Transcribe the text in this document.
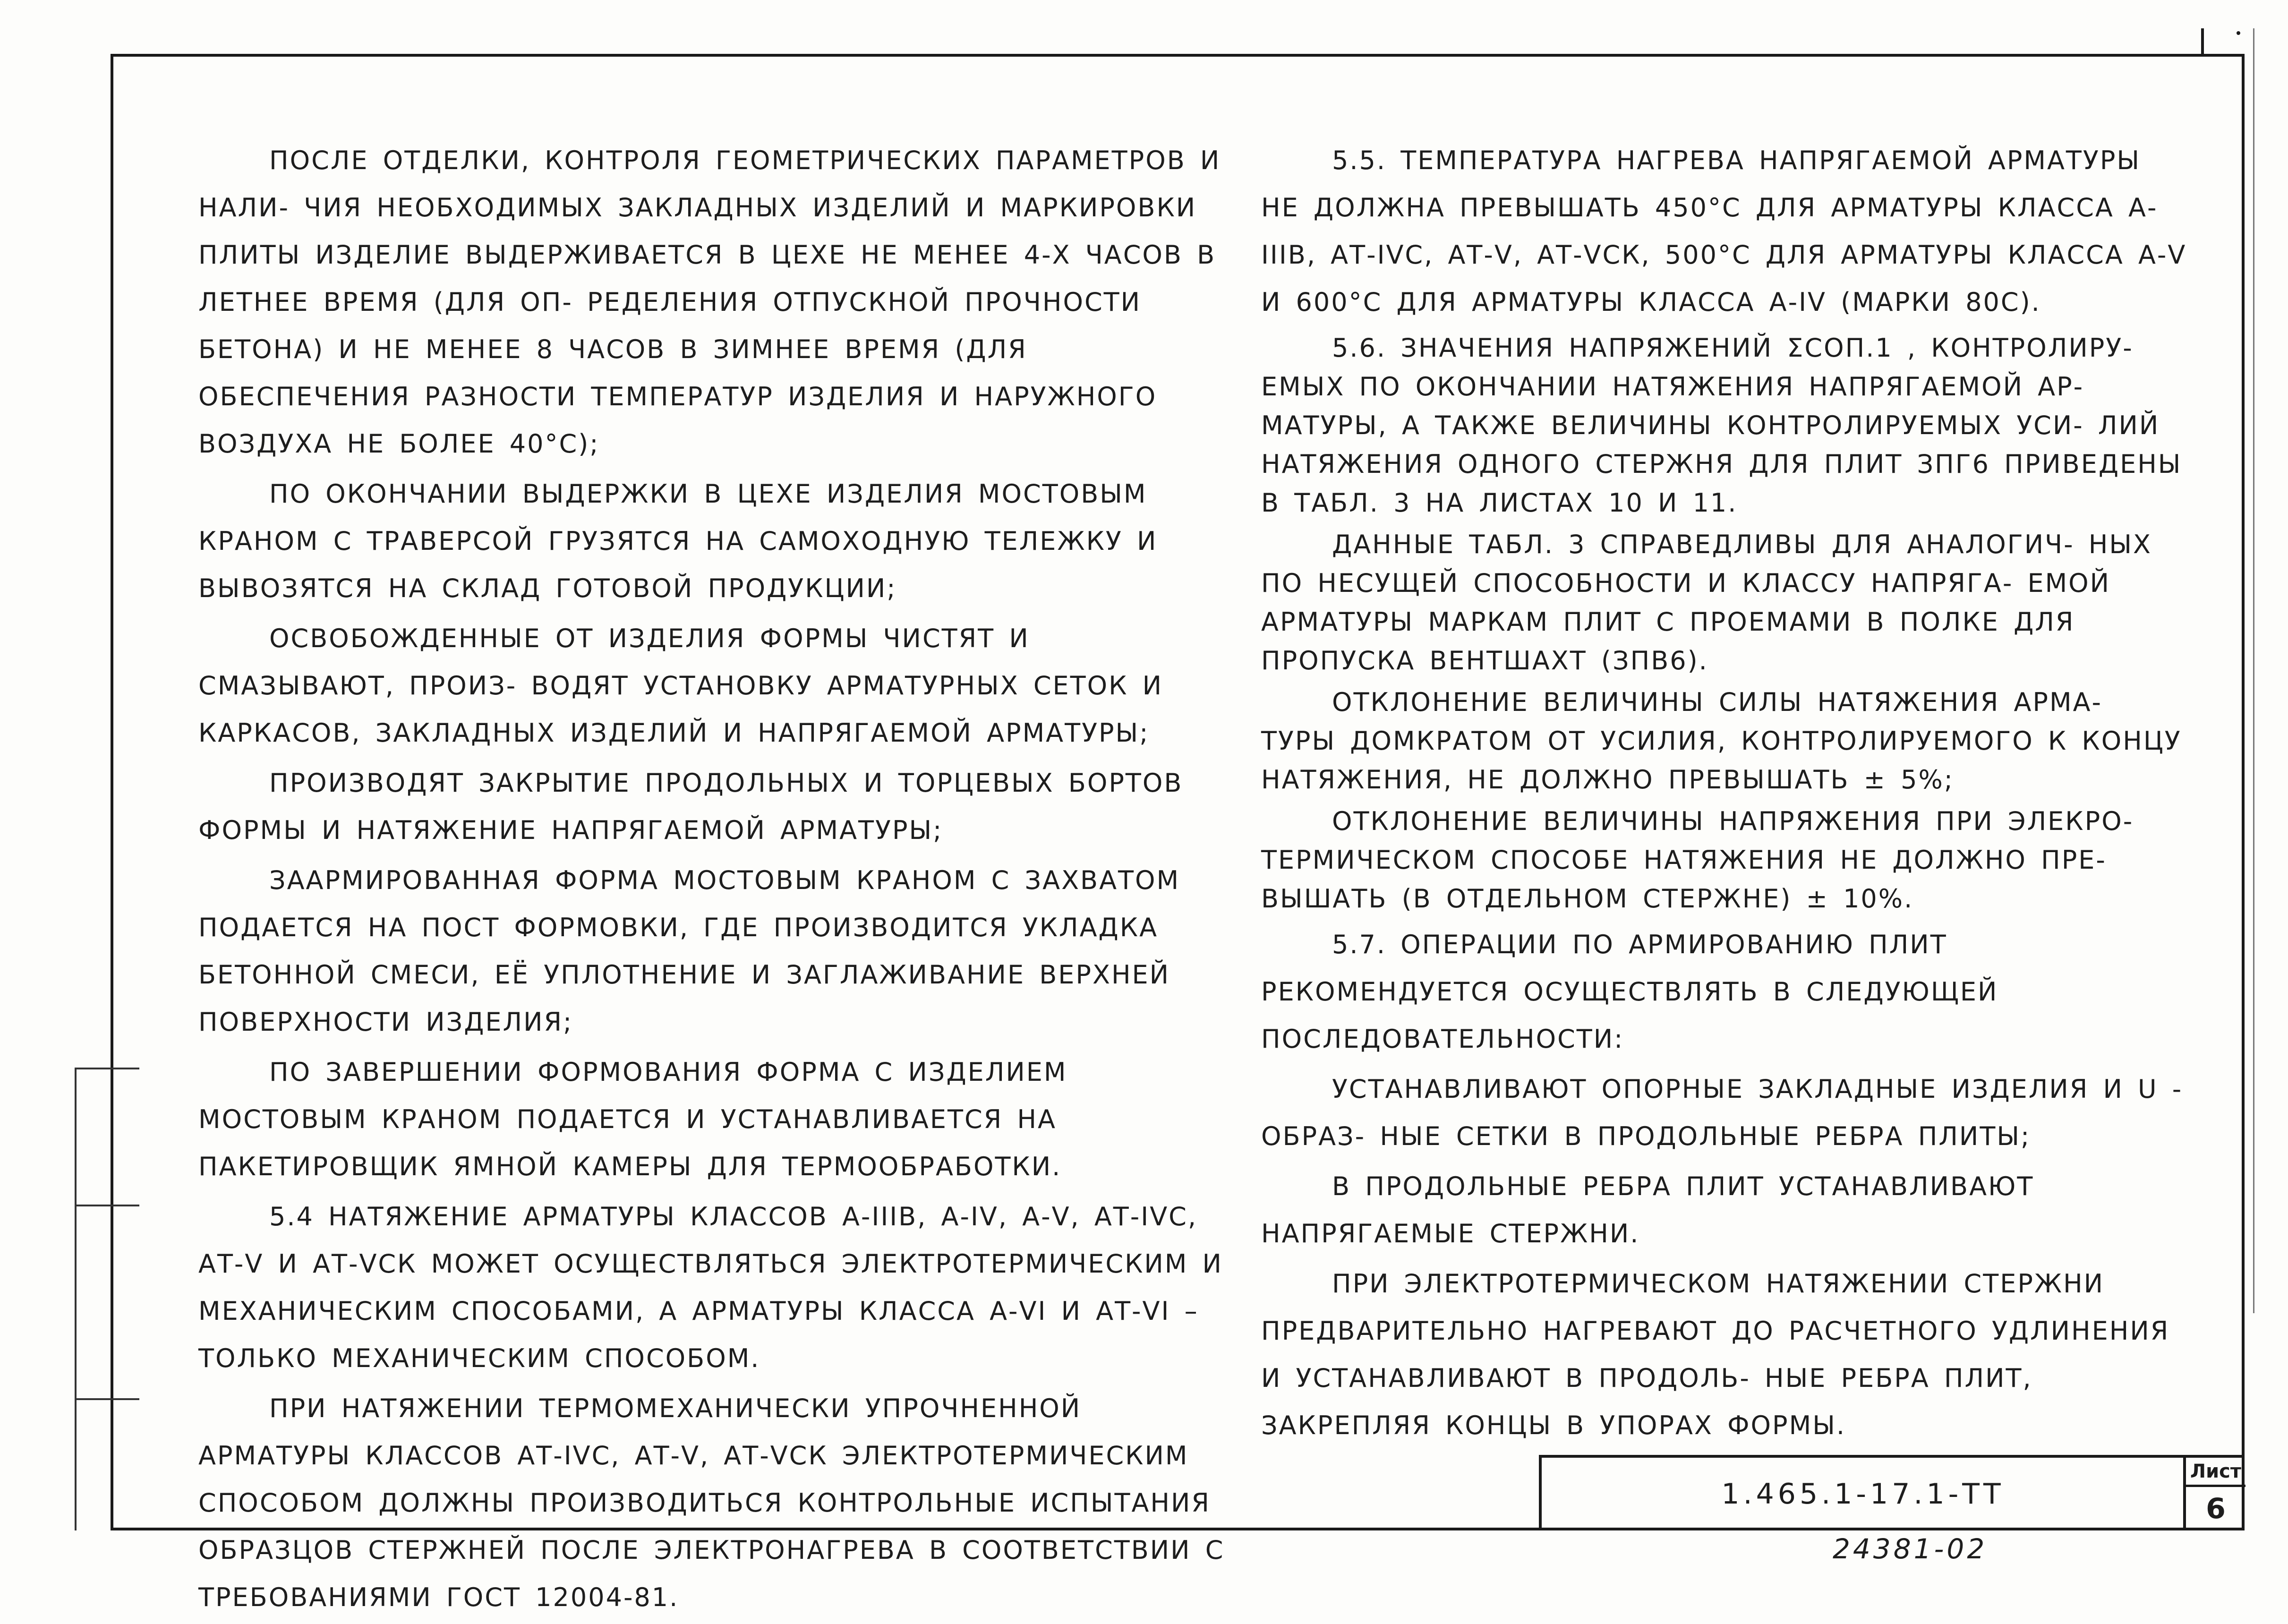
ПОСЛЕ ОТДЕЛКИ, КОНТРОЛЯ ГЕОМЕТРИЧЕСКИХ ПАРАМЕТРОВ И НАЛИ- ЧИЯ НЕОБХОДИМЫХ ЗАКЛАДНЫХ ИЗДЕЛИЙ И МАРКИРОВКИ ПЛИТЫ ИЗДЕЛИЕ ВЫДЕРЖИВАЕТСЯ В ЦЕХЕ НЕ МЕНЕЕ 4-Х ЧАСОВ В ЛЕТНЕЕ ВРЕМЯ (ДЛЯ ОП- РЕДЕЛЕНИЯ ОТПУСКНОЙ ПРОЧНОСТИ БЕТОНА) И НЕ МЕНЕЕ 8 ЧАСОВ В ЗИМНЕЕ ВРЕМЯ (ДЛЯ ОБЕСПЕЧЕНИЯ РАЗНОСТИ ТЕМПЕРАТУР ИЗДЕЛИЯ И НАРУЖНОГО ВОЗДУХА НЕ БОЛЕЕ 40°С);

ПО ОКОНЧАНИИ ВЫДЕРЖКИ В ЦЕХЕ ИЗДЕЛИЯ МОСТОВЫМ КРАНОМ С ТРАВЕРСОЙ ГРУЗЯТСЯ НА САМОХОДНУЮ ТЕЛЕЖКУ И ВЫВОЗЯТСЯ НА СКЛАД ГОТОВОЙ ПРОДУКЦИИ;

ОСВОБОЖДЕННЫЕ ОТ ИЗДЕЛИЯ ФОРМЫ ЧИСТЯТ И СМАЗЫВАЮТ, ПРОИЗ- ВОДЯТ УСТАНОВКУ АРМАТУРНЫХ СЕТОК И КАРКАСОВ, ЗАКЛАДНЫХ ИЗДЕЛИЙ И НАПРЯГАЕМОЙ АРМАТУРЫ;

ПРОИЗВОДЯТ ЗАКРЫТИЕ ПРОДОЛЬНЫХ И ТОРЦЕВЫХ БОРТОВ ФОРМЫ И НАТЯЖЕНИЕ НАПРЯГАЕМОЙ АРМАТУРЫ;

ЗААРМИРОВАННАЯ ФОРМА МОСТОВЫМ КРАНОМ С ЗАХВАТОМ ПОДАЕТСЯ НА ПОСТ ФОРМОВКИ, ГДЕ ПРОИЗВОДИТСЯ УКЛАДКА БЕТОННОЙ СМЕСИ, ЕЁ УПЛОТНЕНИЕ И ЗАГЛАЖИВАНИЕ ВЕРХНЕЙ ПОВЕРХНОСТИ ИЗДЕЛИЯ;

ПО ЗАВЕРШЕНИИ ФОРМОВАНИЯ ФОРМА С ИЗДЕЛИЕМ МОСТОВЫМ КРАНОМ ПОДАЕТСЯ И УСТАНАВЛИВАЕТСЯ НА ПАКЕТИРОВЩИК ЯМНОЙ КАМЕРЫ ДЛЯ ТЕРМООБРАБОТКИ.

5.4 НАТЯЖЕНИЕ АРМАТУРЫ КЛАССОВ А-IIIВ, А-IV, А-V, АТ-IVС, АТ-V И АТ-VСК МОЖЕТ ОСУЩЕСТВЛЯТЬСЯ ЭЛЕКТРОТЕРМИЧЕСКИМ И МЕХАНИЧЕСКИМ СПОСОБАМИ, А АРМАТУРЫ КЛАССА А-VI И АТ-VI – ТОЛЬКО МЕХАНИЧЕСКИМ СПОСОБОМ.

ПРИ НАТЯЖЕНИИ ТЕРМОМЕХАНИЧЕСКИ УПРОЧНЕННОЙ АРМАТУРЫ КЛАССОВ АТ-IVС, АТ-V, АТ-VСК ЭЛЕКТРОТЕРМИЧЕСКИМ СПОСОБОМ ДОЛЖНЫ ПРОИЗВОДИТЬСЯ КОНТРОЛЬНЫЕ ИСПЫТАНИЯ ОБРАЗЦОВ СТЕРЖНЕЙ ПОСЛЕ ЭЛЕКТРОНАГРЕВА В СООТВЕТСТВИИ С ТРЕБОВАНИЯМИ ГОСТ 12004-81.

5.5. ТЕМПЕРАТУРА НАГРЕВА НАПРЯГАЕМОЙ АРМАТУРЫ НЕ ДОЛЖНА ПРЕВЫШАТЬ 450°С ДЛЯ АРМАТУРЫ КЛАССА А-IIIВ, АТ-IVС, АТ-V, АТ-VСК, 500°С ДЛЯ АРМАТУРЫ КЛАССА А-V И 600°С ДЛЯ АРМАТУРЫ КЛАССА А-IV (МАРКИ 80С).

5.6. ЗНАЧЕНИЯ НАПРЯЖЕНИЙ ΣСОП.1 , КОНТРОЛИРУ- ЕМЫХ ПО ОКОНЧАНИИ НАТЯЖЕНИЯ НАПРЯГАЕМОЙ АР- МАТУРЫ, А ТАКЖЕ ВЕЛИЧИНЫ КОНТРОЛИРУЕМЫХ УСИ- ЛИЙ НАТЯЖЕНИЯ ОДНОГО СТЕРЖНЯ ДЛЯ ПЛИТ ЗПГ6 ПРИВЕДЕНЫ В ТАБЛ. 3 НА ЛИСТАХ 10 И 11.

ДАННЫЕ ТАБЛ. 3 СПРАВЕДЛИВЫ ДЛЯ АНАЛОГИЧ- НЫХ ПО НЕСУЩЕЙ СПОСОБНОСТИ И КЛАССУ НАПРЯГА- ЕМОЙ АРМАТУРЫ МАРКАМ ПЛИТ С ПРОЕМАМИ В ПОЛКЕ ДЛЯ ПРОПУСКА ВЕНТШАХТ (ЗПВ6).

ОТКЛОНЕНИЕ ВЕЛИЧИНЫ СИЛЫ НАТЯЖЕНИЯ АРМА- ТУРЫ ДОМКРАТОМ ОТ УСИЛИЯ, КОНТРОЛИРУЕМОГО К КОНЦУ НАТЯЖЕНИЯ, НЕ ДОЛЖНО ПРЕВЫШАТЬ ± 5%;

ОТКЛОНЕНИЕ ВЕЛИЧИНЫ НАПРЯЖЕНИЯ ПРИ ЭЛЕКРО- ТЕРМИЧЕСКОМ СПОСОБЕ НАТЯЖЕНИЯ НЕ ДОЛЖНО ПРЕ- ВЫШАТЬ (В ОТДЕЛЬНОМ СТЕРЖНЕ) ± 10%.

5.7. ОПЕРАЦИИ ПО АРМИРОВАНИЮ ПЛИТ РЕКОМЕНДУЕТСЯ ОСУЩЕСТВЛЯТЬ В СЛЕДУЮЩЕЙ ПОСЛЕДОВАТЕЛЬНОСТИ:

УСТАНАВЛИВАЮТ ОПОРНЫЕ ЗАКЛАДНЫЕ ИЗДЕЛИЯ И U - ОБРАЗ- НЫЕ СЕТКИ В ПРОДОЛЬНЫЕ РЕБРА ПЛИТЫ;

В ПРОДОЛЬНЫЕ РЕБРА ПЛИТ УСТАНАВЛИВАЮТ НАПРЯГАЕМЫЕ СТЕРЖНИ.

ПРИ ЭЛЕКТРОТЕРМИЧЕСКОМ НАТЯЖЕНИИ СТЕРЖНИ ПРЕДВАРИТЕЛЬНО НАГРЕВАЮТ ДО РАСЧЕТНОГО УДЛИНЕНИЯ И УСТАНАВЛИВАЮТ В ПРОДОЛЬ- НЫЕ РЕБРА ПЛИТ, ЗАКРЕПЛЯЯ КОНЦЫ В УПОРАХ ФОРМЫ.

1.465.1-17.1-ТТ
Лист
6
24381-02
